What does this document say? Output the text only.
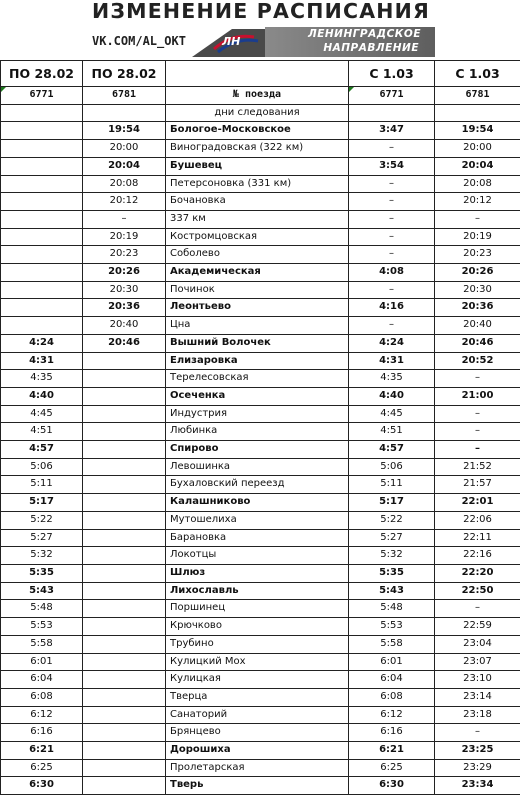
ИЗМЕНЕНИЕ РАСПИСАНИЯ
VK.COM/AL_OKT	ЛН
ЛЕНИНГРАДСКОЕ
НАПРАВЛЕНИЕ
ПО 28.02	ПО 28.02		С 1.03	С 1.03

6771	6781	№ поезда	6771	6781
		дни следования		
	19:54	Бологое-Московское	3:47	19:54
	20:00	Виноградовская (322 км)	–	20:00
	20:04	Бушевец	3:54	20:04
	20:08	Петерсоновка (331 км)	–	20:08
	20:12	Бочановка	–	20:12
	–	337 км	–	–
	20:19	Костромцовская	–	20:19
	20:23	Соболево	–	20:23
	20:26	Академическая	4:08	20:26
	20:30	Починок	–	20:30
	20:36	Леонтьево	4:16	20:36
	20:40	Цна	–	20:40
4:24	20:46	Вышний Волочек	4:24	20:46
4:31		Елизаровка	4:31	20:52
4:35		Терелесовская	4:35	–
4:40		Осеченка	4:40	21:00
4:45		Индустрия	4:45	–
4:51		Любинка	4:51	–
4:57		Спирово	4:57	–
5:06		Левошинка	5:06	21:52
5:11		Бухаловский переезд	5:11	21:57
5:17		Калашниково	5:17	22:01
5:22		Мутошелиха	5:22	22:06
5:27		Барановка	5:27	22:11
5:32		Локотцы	5:32	22:16
5:35		Шлюз	5:35	22:20
5:43		Лихославль	5:43	22:50
5:48		Поршинец	5:48	–
5:53		Крючково	5:53	22:59
5:58		Трубино	5:58	23:04
6:01		Кулицкий Мох	6:01	23:07
6:04		Кулицкая	6:04	23:10
6:08		Тверца	6:08	23:14
6:12		Санаторий	6:12	23:18
6:16		Брянцево	6:16	–
6:21		Дорошиха	6:21	23:25
6:25		Пролетарская	6:25	23:29
6:30		Тверь	6:30	23:34
